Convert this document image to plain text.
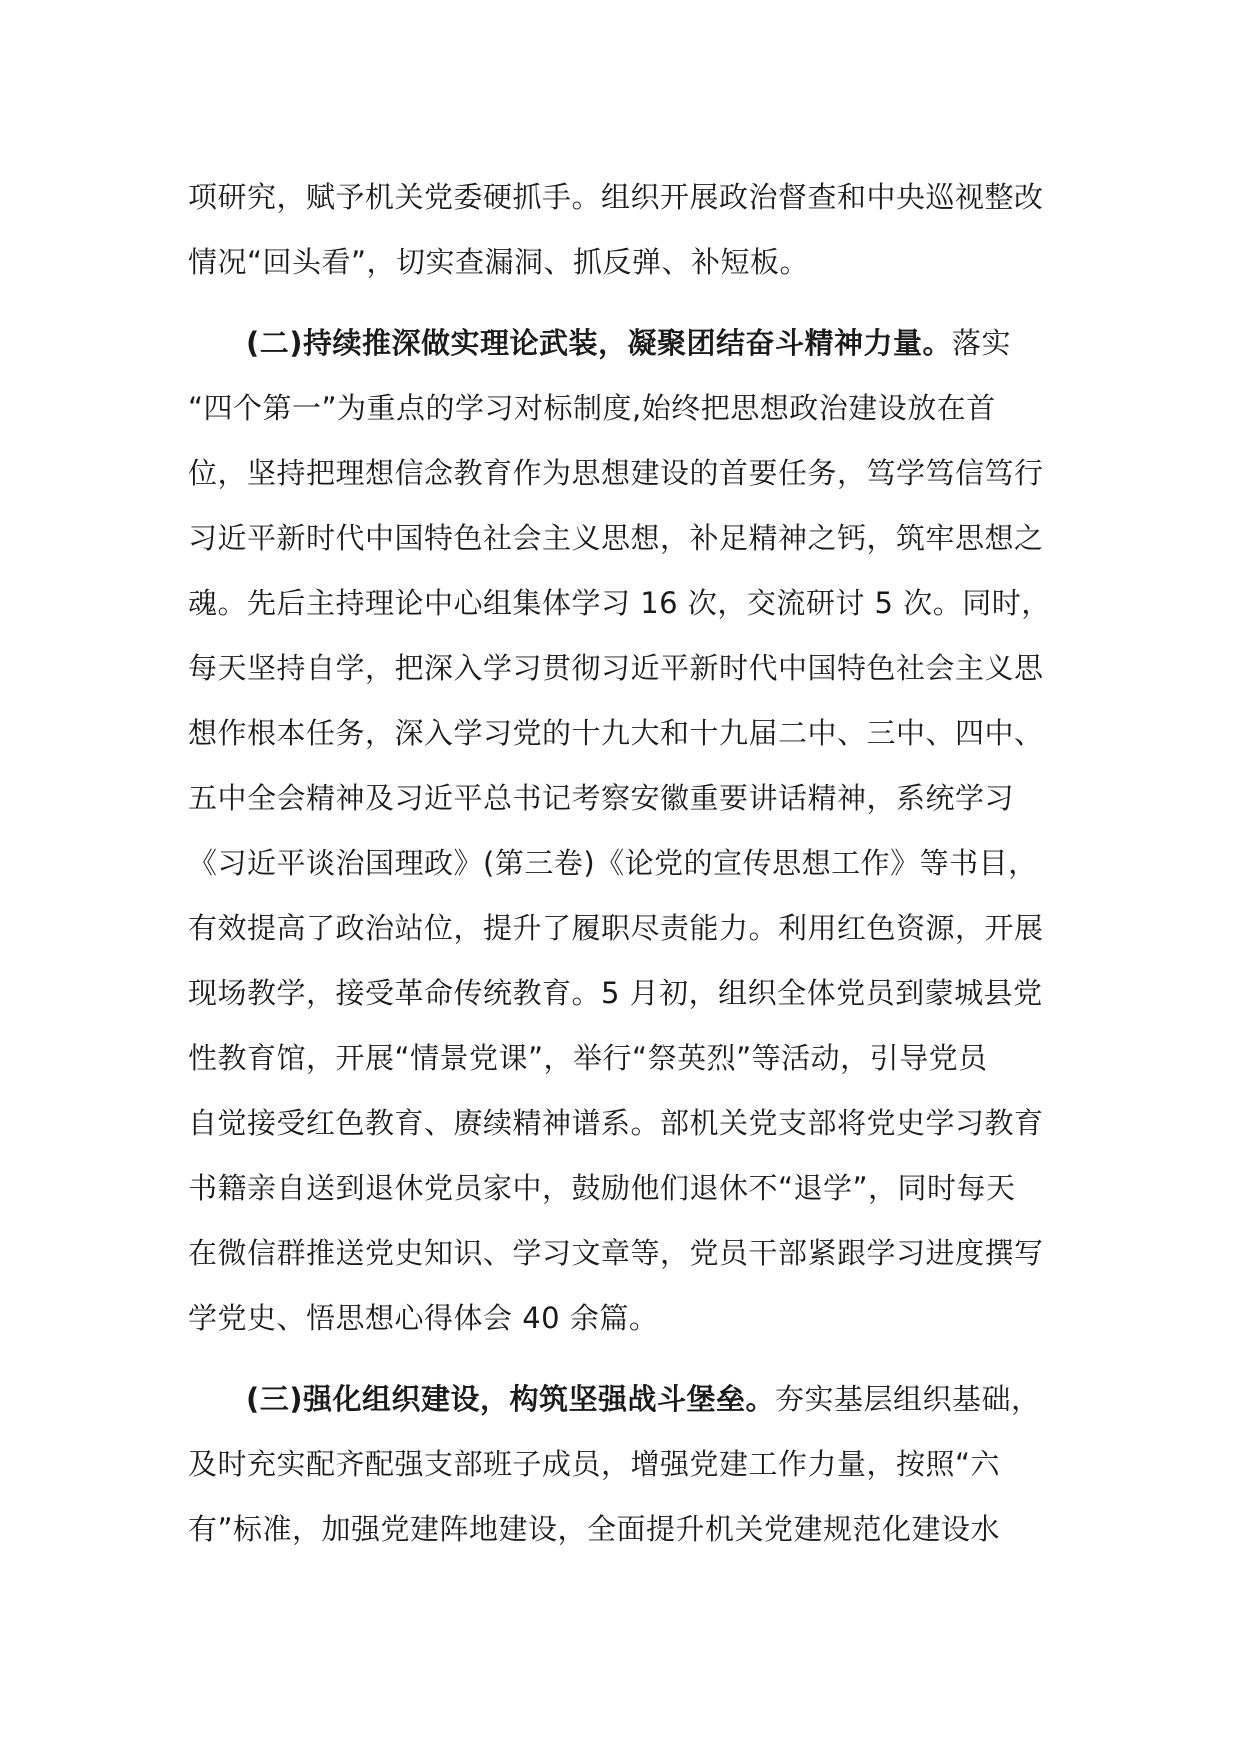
项研究，赋予机关党委硬抓手。组织开展政治督查和中央巡视整改
情况“回头看”，切实查漏洞、抓反弹、补短板。
(二)持续推深做实理论武装，凝聚团结奋斗精神力量。落实
“四个第一”为重点的学习对标制度,始终把思想政治建设放在首
位，坚持把理想信念教育作为思想建设的首要任务，笃学笃信笃行
习近平新时代中国特色社会主义思想，补足精神之钙，筑牢思想之
魂。先后主持理论中心组集体学习 16 次，交流研讨 5 次。同时，
每天坚持自学，把深入学习贯彻习近平新时代中国特色社会主义思
想作根本任务，深入学习党的十九大和十九届二中、三中、四中、
五中全会精神及习近平总书记考察安徽重要讲话精神，系统学习
《习近平谈治国理政》(第三卷)《论党的宣传思想工作》等书目，
有效提高了政治站位，提升了履职尽责能力。利用红色资源，开展
现场教学，接受革命传统教育。5 月初，组织全体党员到蒙城县党
性教育馆，开展“情景党课”，举行“祭英烈”等活动，引导党员
自觉接受红色教育、赓续精神谱系。部机关党支部将党史学习教育
书籍亲自送到退休党员家中，鼓励他们退休不“退学”，同时每天
在微信群推送党史知识、学习文章等，党员干部紧跟学习进度撰写
学党史、悟思想心得体会 40 余篇。
(三)强化组织建设，构筑坚强战斗堡垒。夯实基层组织基础，
及时充实配齐配强支部班子成员，增强党建工作力量，按照“六
有”标准，加强党建阵地建设，全面提升机关党建规范化建设水
